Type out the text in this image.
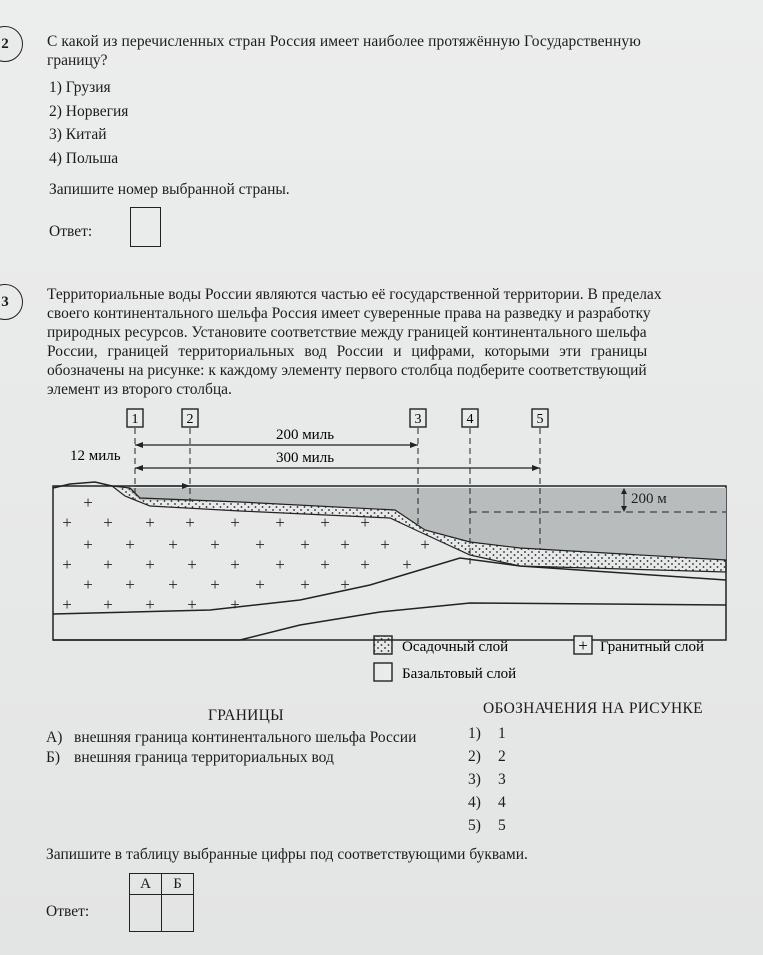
2 С какой из перечисленных стран Россия имеет наиболее протяжённую Государственную
границу?
1) Грузия
2) Норвегия
3) Китай
4) Польша
Запишите номер выбранной страны.
Ответ:
3 Территориальные воды России являются частью её государственной территории. В пределах
своего континентального шельфа Россия имеет суверенные права на разведку и разработку
природных ресурсов. Установите соответствие между границей континентального шельфа
России, границей территориальных вод России и цифрами, которыми эти границы
обозначены на рисунке: к каждому элементу первого столбца подберите соответствующий
элемент из второго столбца.
+
+ + + + + + + +
+ + + + + + + + +
+ + + + + + + + +
+ + + + + + +
+ + + + +
200 м
1	2	3	4	5
200 миль
300 миль
12 миль
Осадочный слой	+ Гранитный слой
Базальтовый слой
ГРАНИЦЫ	ОБОЗНАЧЕНИЯ НА РИСУНКЕ
А) внешняя граница континентального шельфа России
Б) внешняя граница территориальных вод
1) 1
2) 2
3) 3
4) 4
5) 5
Запишите в таблицу выбранные цифры под соответствующими буквами.
Ответ:
А	Б
